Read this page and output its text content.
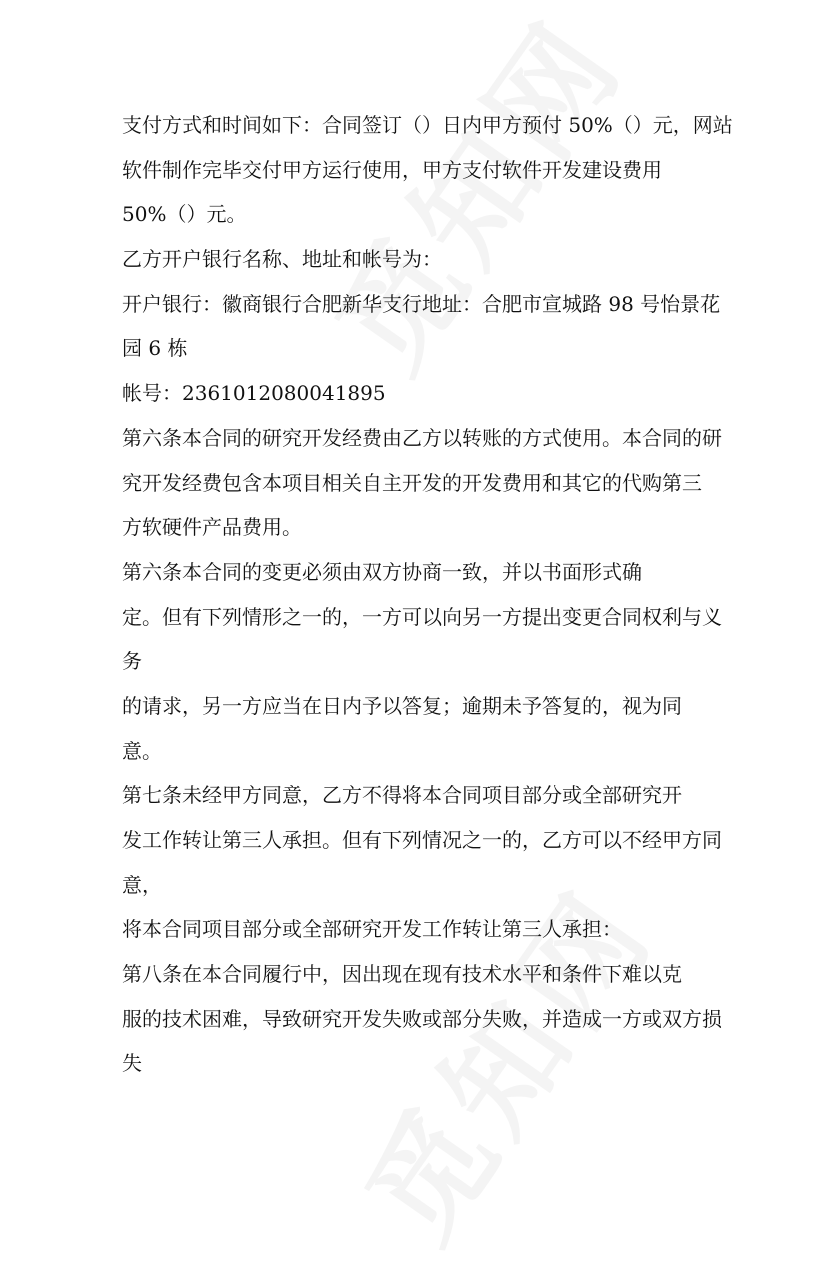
支付方式和时间如下：合同签订（）日内甲方预付 50%（）元，网站
软件制作完毕交付甲方运行使用，甲方支付软件开发建设费用
50%（）元。
乙方开户银行名称、地址和帐号为：
开户银行：徽商银行合肥新华支行地址：合肥市宣城路 98 号怡景花
园 6 栋
帐号：2361012080041895
第六条本合同的研究开发经费由乙方以转账的方式使用。本合同的研
究开发经费包含本项目相关自主开发的开发费用和其它的代购第三
方软硬件产品费用。
第六条本合同的变更必须由双方协商一致，并以书面形式确
定。但有下列情形之一的，一方可以向另一方提出变更合同权利与义
务
的请求，另一方应当在日内予以答复；逾期未予答复的，视为同
意。
第七条未经甲方同意，乙方不得将本合同项目部分或全部研究开
发工作转让第三人承担。但有下列情况之一的，乙方可以不经甲方同
意，
将本合同项目部分或全部研究开发工作转让第三人承担：
第八条在本合同履行中，因出现在现有技术水平和条件下难以克
服的技术困难，导致研究开发失败或部分失败，并造成一方或双方损
失
